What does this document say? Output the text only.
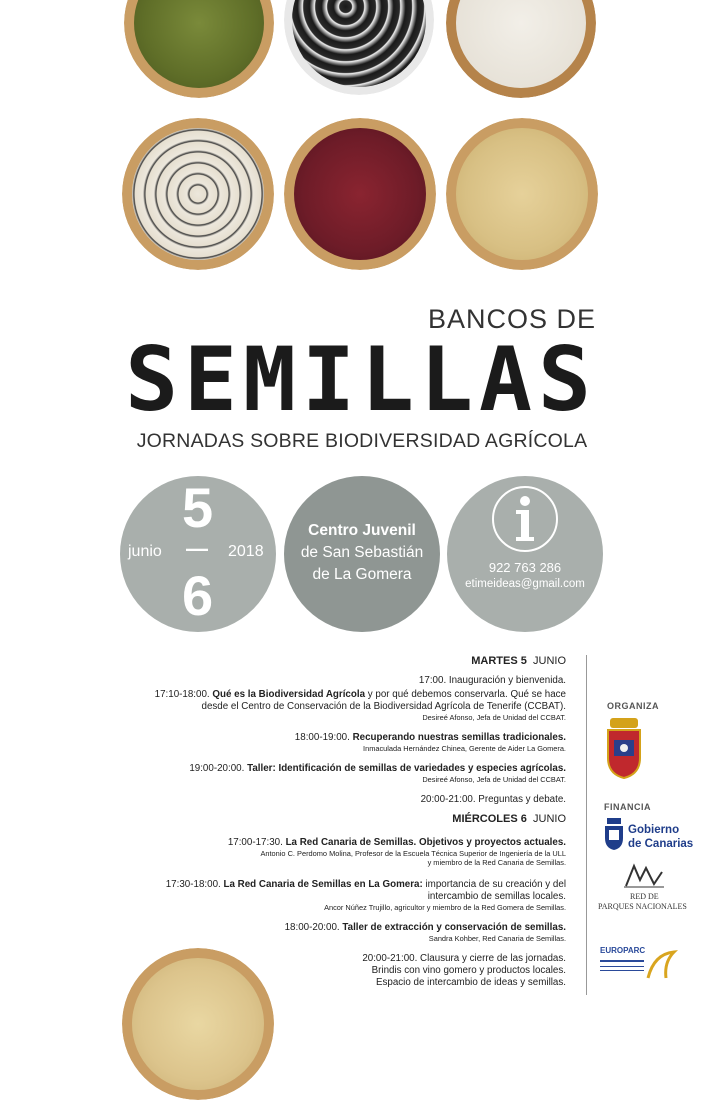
BANCOS DE
SEMILLAS
JORNADAS SOBRE BIODIVERSIDAD AGRÍCOLA
5
junio — 2018
6
Centro Juvenil
de San Sebastián
de La Gomera	922 763 286
etimeideas@gmail.com
MARTES 5 JUNIO
17:00. Inauguración y bienvenida.
17:10-18:00. Qué es la Biodiversidad Agrícola y por qué debemos conservarla. Qué se hace
desde el Centro de Conservación de la Biodiversidad Agrícola de Tenerife (CCBAT).
Desireé Afonso, Jefa de Unidad del CCBAT.
18:00-19:00. Recuperando nuestras semillas tradicionales.
Inmaculada Hernández Chinea, Gerente de Aider La Gomera.
19:00-20:00. Taller: Identificación de semillas de variedades y especies agrícolas.
Desireé Afonso, Jefa de Unidad del CCBAT.
20:00-21:00. Preguntas y debate.
MIÉRCOLES 6 JUNIO
17:00-17:30. La Red Canaria de Semillas. Objetivos y proyectos actuales.
Antonio C. Perdomo Molina, Profesor de la Escuela Técnica Superior de Ingeniería de la ULL
y miembro de la Red Canaria de Semillas.
17:30-18:00. La Red Canaria de Semillas en La Gomera: importancia de su creación y del
intercambio de semillas locales.
Ancor Núñez Trujillo, agricultor y miembro de la Red Gomera de Semillas.
18:00-20:00. Taller de extracción y conservación de semillas.
Sandra Kohber, Red Canaria de Semillas.
20:00-21:00. Clausura y cierre de las jornadas.
Brindis con vino gomero y productos locales.
Espacio de intercambio de ideas y semillas.
ORGANIZA
FINANCIA
Gobierno
de Canarias
RED DE
PARQUES NACIONALES
EUROPARC
